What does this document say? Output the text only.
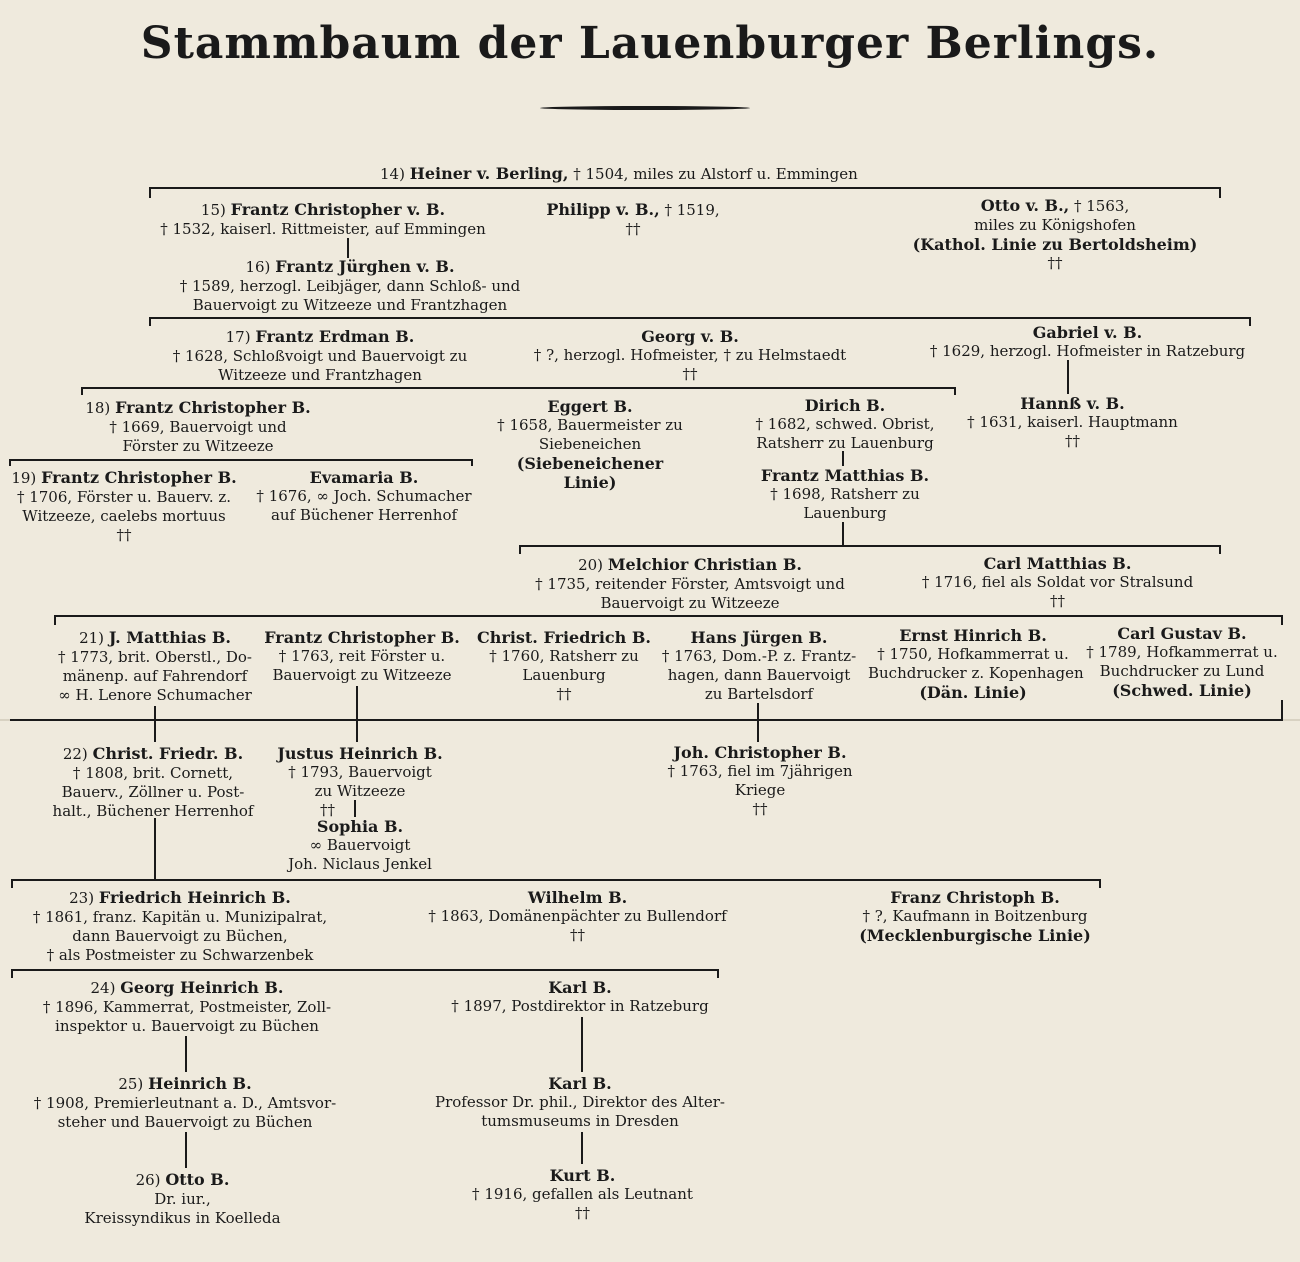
Stammbaum der Lauenburger Berlings.
14) Heiner v. Berling, † 1504, miles zu Alstorf u. Emmingen
15) Frantz Christopher v. B.
† 1532, kaiserl. Rittmeister, auf Emmingen
Philipp v. B., † 1519,
††
Otto v. B., † 1563,
miles zu Königshofen
(Kathol. Linie zu Bertoldsheim)
††
16) Frantz Jürghen v. B.
† 1589, herzogl. Leibjäger, dann Schloß- und
Bauervoigt zu Witzeeze und Frantzhagen
17) Frantz Erdman B.
† 1628, Schloßvoigt und Bauervoigt zu
Witzeeze und Frantzhagen
Georg v. B.
† ?, herzogl. Hofmeister, † zu Helmstaedt
††
Gabriel v. B.
† 1629, herzogl. Hofmeister in Ratzeburg
Hannß v. B.
† 1631, kaiserl. Hauptmann
††
18) Frantz Christopher B.
† 1669, Bauervoigt und
Förster zu Witzeeze
Eggert B.
† 1658, Bauermeister zu
Siebeneichen
(Siebeneichener
Linie)
Dirich B.
† 1682, schwed. Obrist,
Ratsherr zu Lauenburg
Frantz Matthias B.
† 1698, Ratsherr zu
Lauenburg
19) Frantz Christopher B.
† 1706, Förster u. Bauerv. z.
Witzeeze, caelebs mortuus
††
Evamaria B.
† 1676, ∞ Joch. Schumacher
auf Büchener Herrenhof
20) Melchior Christian B.
† 1735, reitender Förster, Amtsvoigt und
Bauervoigt zu Witzeeze
Carl Matthias B.
† 1716, fiel als Soldat vor Stralsund
††
21) J. Matthias B.
† 1773, brit. Oberstl., Do-
mänenp. auf Fahrendorf
∞ H. Lenore Schumacher
Frantz Christopher B.
† 1763, reit Förster u.
Bauervoigt zu Witzeeze
Christ. Friedrich B.
† 1760, Ratsherr zu
Lauenburg
††
Hans Jürgen B.
† 1763, Dom.-P. z. Frantz-
hagen, dann Bauervoigt
zu Bartelsdorf
Ernst Hinrich B.
† 1750, Hofkammerrat u.
Buchdrucker z. Kopenhagen
(Dän. Linie)
Carl Gustav B.
† 1789, Hofkammerrat u.
Buchdrucker zu Lund
(Schwed. Linie)
22) Christ. Friedr. B.
† 1808, brit. Cornett,
Bauerv., Zöllner u. Post-
halt., Büchener Herrenhof
Justus Heinrich B.
† 1793, Bauervoigt
zu Witzeeze
††
Sophia B.
∞ Bauervoigt
Joh. Niclaus Jenkel
Joh. Christopher B.
† 1763, fiel im 7jährigen
Kriege
††
23) Friedrich Heinrich B.
† 1861, franz. Kapitän u. Munizipalrat,
dann Bauervoigt zu Büchen,
† als Postmeister zu Schwarzenbek
Wilhelm B.
† 1863, Domänenpächter zu Bullendorf
††
Franz Christoph B.
† ?, Kaufmann in Boitzenburg
(Mecklenburgische Linie)
24) Georg Heinrich B.
† 1896, Kammerrat, Postmeister, Zoll-
inspektor u. Bauervoigt zu Büchen
Karl B.
† 1897, Postdirektor in Ratzeburg
25) Heinrich B.
† 1908, Premierleutnant a. D., Amtsvor-
steher und Bauervoigt zu Büchen
Karl B.
Professor Dr. phil., Direktor des Alter-
tumsmuseums in Dresden
26) Otto B.
Dr. iur.,
Kreissyndikus in Koelleda
Kurt B.
† 1916, gefallen als Leutnant
††
